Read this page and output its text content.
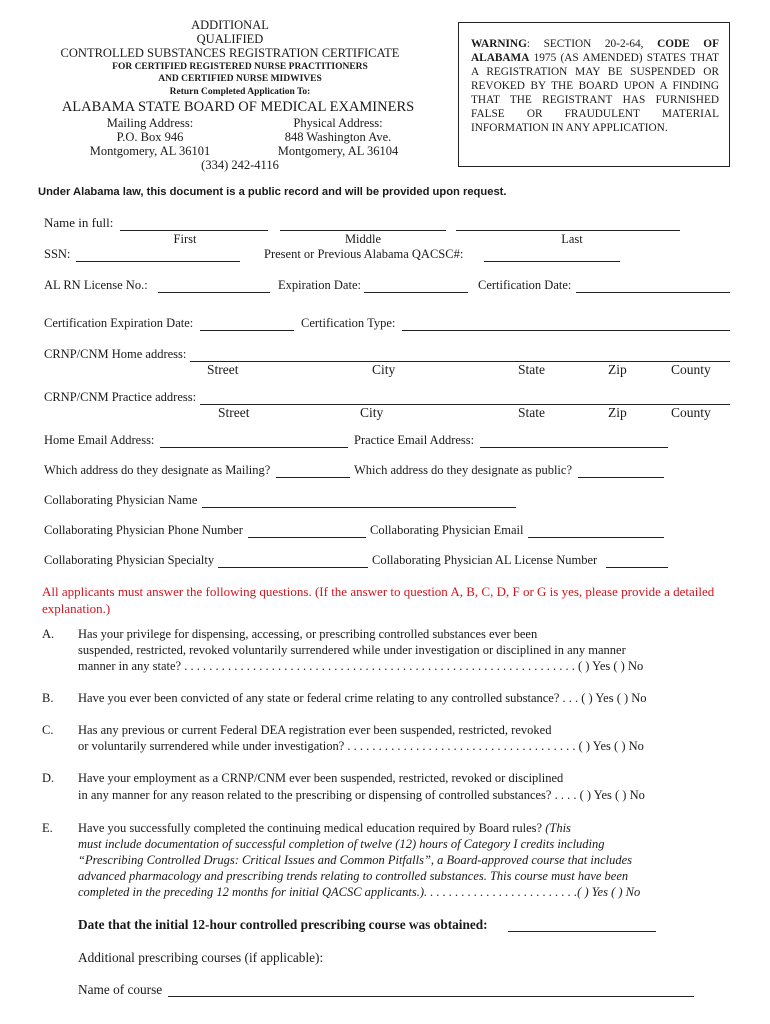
ADDITIONAL
QUALIFIED
CONTROLLED SUBSTANCES REGISTRATION CERTIFICATE
FOR CERTIFIED REGISTERED NURSE PRACTITIONERS
AND CERTIFIED NURSE MIDWIVES
Return Completed Application To:
ALABAMA STATE BOARD OF MEDICAL EXAMINERS
Mailing Address:
P.O. Box 946
Montgomery, AL 36101
Physical Address:
848 Washington Ave.
Montgomery, AL 36104
(334) 242-4116
WARNING: SECTION 20-2-64, CODE OF ALABAMA 1975 (AS AMENDED) STATES THAT A REGISTRATION MAY BE SUSPENDED OR REVOKED BY THE BOARD UPON A FINDING THAT THE REGISTRANT HAS FURNISHED FALSE OR FRAUDULENT MATERIAL INFORMATION IN ANY APPLICATION.
Under Alabama law, this document is a public record and will be provided upon request.
Name in full:
First	Middle	Last
SSN:	Present or Previous Alabama QACSC#:
AL RN License No.:	Expiration Date:	Certification Date:
Certification Expiration Date:	Certification Type:
CRNP/CNM Home address:
Street	City	State	Zip	County
CRNP/CNM Practice address:
Street	City	State	Zip	County
Home Email Address:	Practice Email Address:
Which address do they designate as Mailing?	Which address do they designate as public?
Collaborating Physician Name
Collaborating Physician Phone Number	Collaborating Physician Email
Collaborating Physician Specialty	Collaborating Physician AL License Number
All applicants must answer the following questions. (If the answer to question A, B, C, D, F or G is yes, please provide a detailed explanation.)
A. Has your privilege for dispensing, accessing, or prescribing controlled substances ever been
suspended, restricted, revoked voluntarily surrendered while under investigation or disciplined in any manner
manner in any state? . . . . . . . . . . . . . . . . . . . . . . . . . . . . . . . . . . . . . . . . . . . . . . . . . . . . . . . . . . . . . . . ( ) Yes ( ) No
B. Have you ever been convicted of any state or federal crime relating to any controlled substance? . . . ( ) Yes ( ) No
C. Has any previous or current Federal DEA registration ever been suspended, restricted, revoked
or voluntarily surrendered while under investigation? . . . . . . . . . . . . . . . . . . . . . . . . . . . . . . . . . . . . . ( ) Yes ( ) No
D. Have your employment as a CRNP/CNM ever been suspended, restricted, revoked or disciplined
in any manner for any reason related to the prescribing or dispensing of controlled substances? . . . . ( ) Yes ( ) No
E. Have you successfully completed the continuing medical education required by Board rules? (This
must include documentation of successful completion of twelve (12) hours of Category I credits including
“Prescribing Controlled Drugs: Critical Issues and Common Pitfalls”, a Board-approved course that includes
advanced pharmacology and prescribing trends relating to controlled substances. This course must have been
completed in the preceding 12 months for initial QACSC applicants.). . . . . . . . . . . . . . . . . . . . . . . . .( ) Yes ( ) No
Date that the initial 12-hour controlled prescribing course was obtained:
Additional prescribing courses (if applicable):
Name of course
